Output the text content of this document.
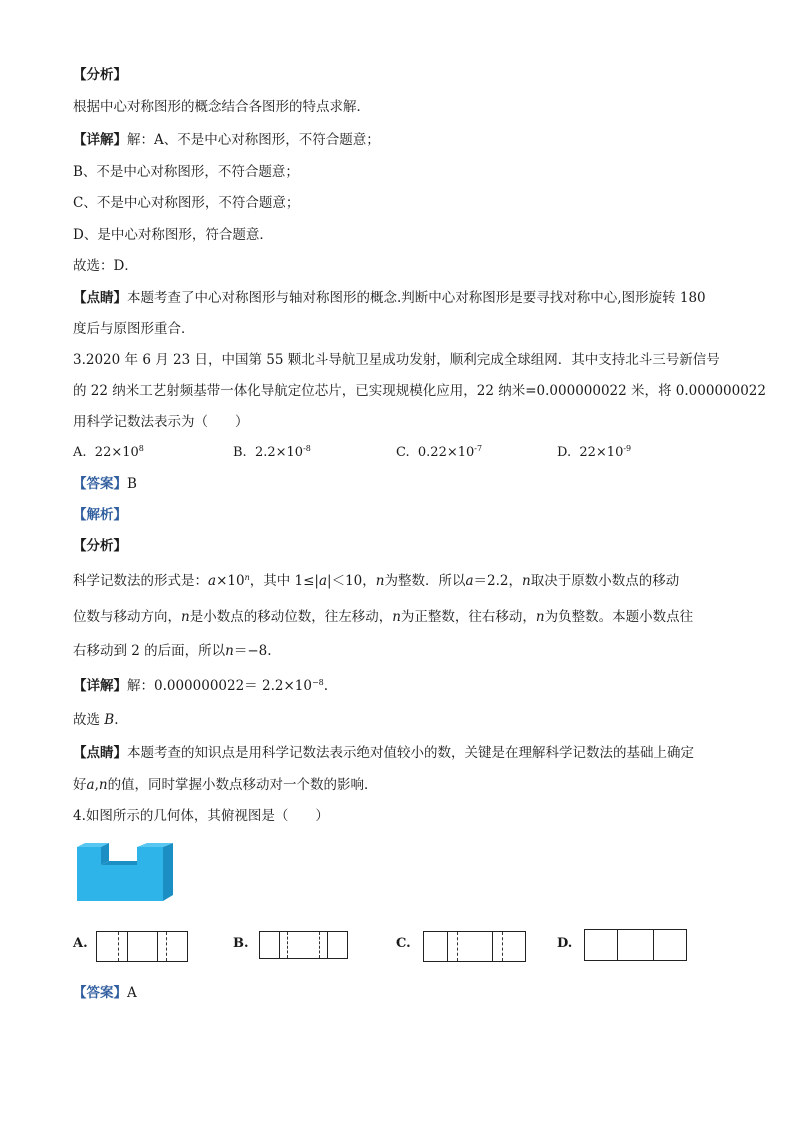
【分析】
根据中心对称图形的概念结合各图形的特点求解．
【详解】解：A、不是中心对称图形，不符合题意；
B、不是中心对称图形，不符合题意；
C、不是中心对称图形，不符合题意；
D、是中心对称图形，符合题意．
故选：D．
【点睛】本题考查了中心对称图形与轴对称图形的概念.判断中心对称图形是要寻找对称中心,图形旋转 180
度后与原图形重合．
3.2020 年 6 月 23 日，中国第 55 颗北斗导航卫星成功发射，顺利完成全球组网．其中支持北斗三号新信号
的 22 纳米工艺射频基带一体化导航定位芯片，已实现规模化应用，22 纳米=0.000000022 米，将 0.000000022
用科学记数法表示为（　　）
A. $22\times 10^8$	B. $2.2\times 10^{-8}$	C. $0.22\times 10^{-7}$	D. $22\times 10^{-9}$
【答案】B
【解析】
【分析】
科学记数法的形式是：$a\times 10^n$，其中 1≤|a|＜10，n为整数．所以a＝2.2，n取决于原数小数点的移动
位数与移动方向，n是小数点的移动位数，往左移动，n为正整数，往右移动，n为负整数。本题小数点往
右移动到 2 的后面，所以n＝−8.
【详解】解：$0.000000022= 2.2\times 10^{-8}$.
故选 B.
【点睛】本题考查的知识点是用科学记数法表示绝对值较小的数，关键是在理解科学记数法的基础上确定
好a,n的值，同时掌握小数点移动对一个数的影响．
4.如图所示的几何体，其俯视图是（　　）
A.	B.	C.	D.
【答案】A
